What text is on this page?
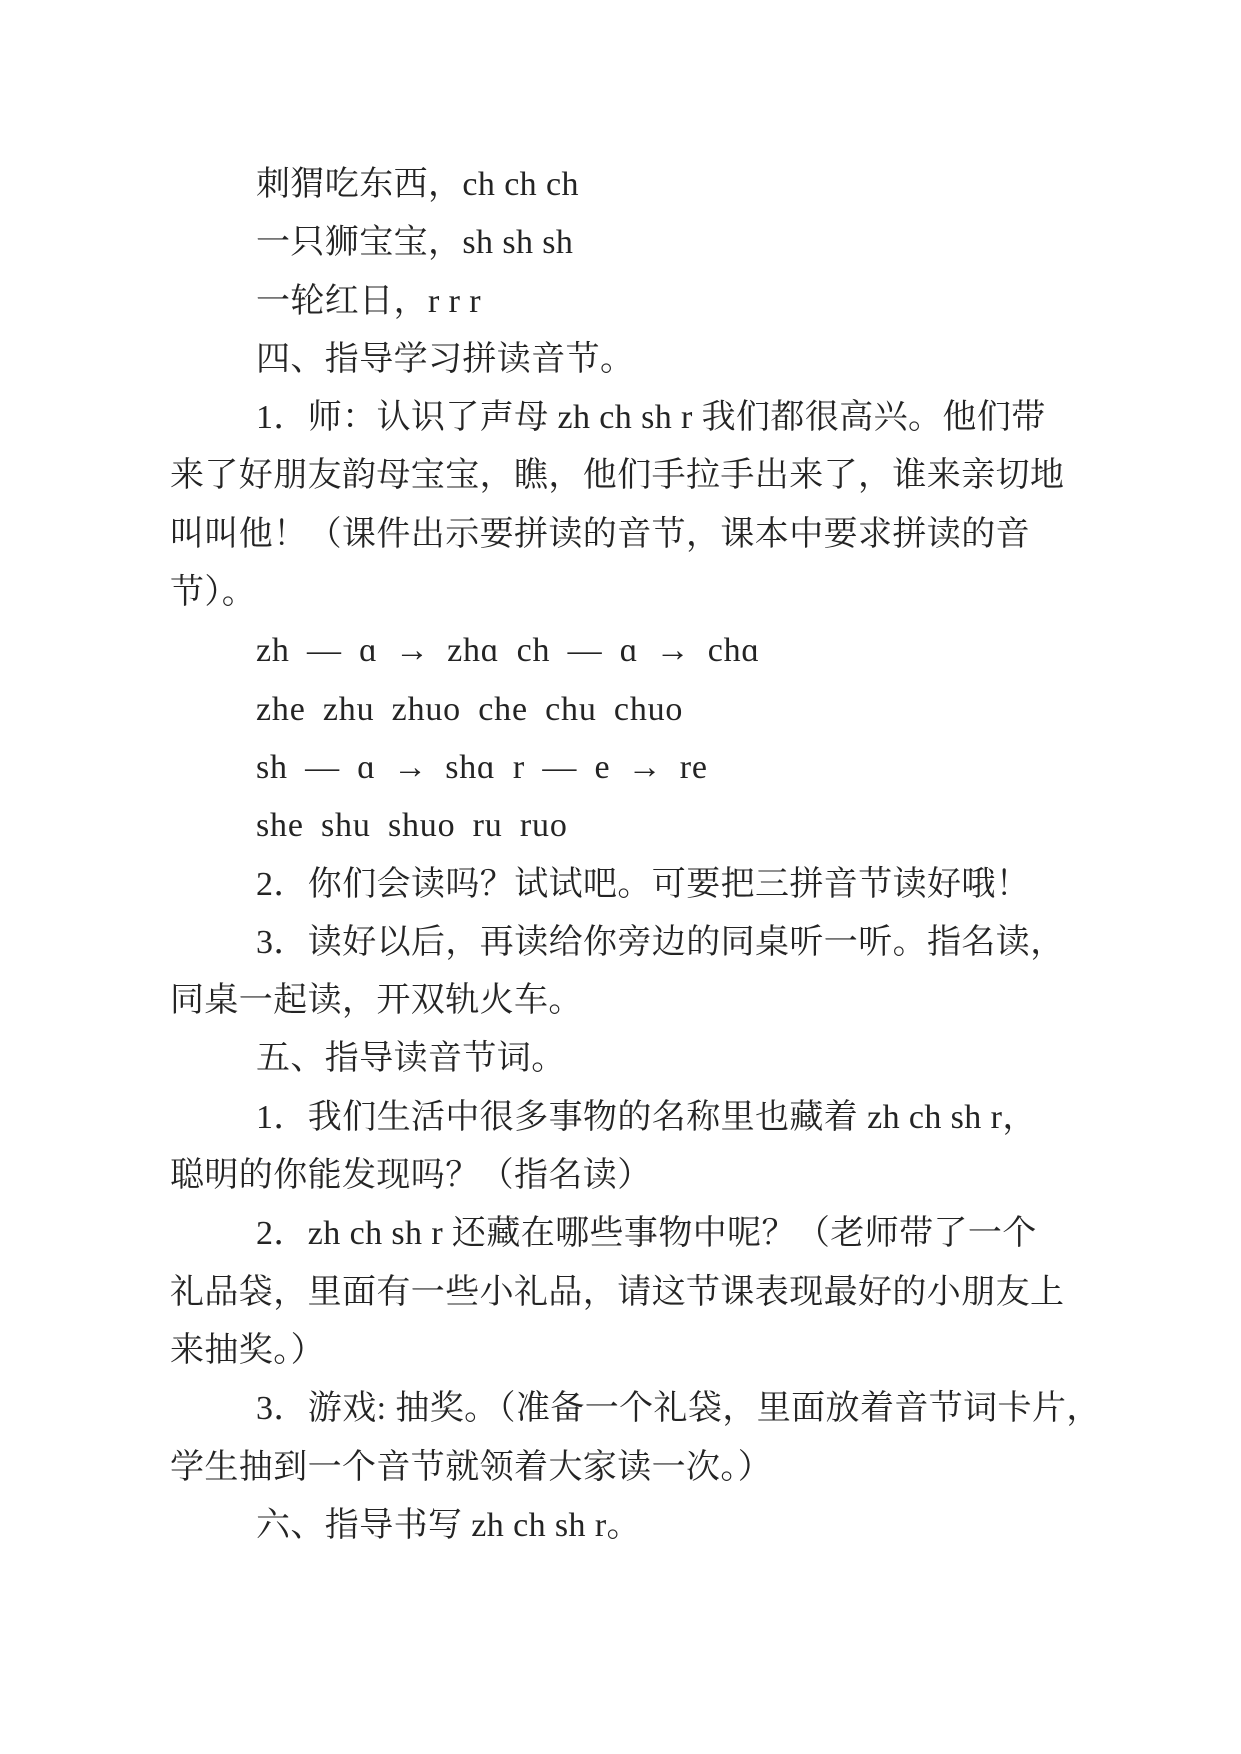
刺猬吃东西，ch ch ch
一只狮宝宝，sh sh sh
一轮红日，r r r
四、指导学习拼读音节。
1．师：认识了声母 zh ch sh r 我们都很高兴。他们带
来了好朋友韵母宝宝，瞧，他们手拉手出来了，谁来亲切地
叫叫他！（课件出示要拼读的音节，课本中要求拼读的音
节）。
zh — ɑ → zhɑ ch — ɑ → chɑ
zhe zhu zhuo che chu chuo
sh — ɑ → shɑ r — e → re
she shu shuo ru ruo
2．你们会读吗？试试吧。可要把三拼音节读好哦！
3．读好以后，再读给你旁边的同桌听一听。指名读，
同桌一起读，开双轨火车。
五、指导读音节词。
1．我们生活中很多事物的名称里也藏着 zh ch sh r，
聪明的你能发现吗？（指名读）
2．zh ch sh r 还藏在哪些事物中呢？（老师带了一个
礼品袋，里面有一些小礼品，请这节课表现最好的小朋友上
来抽奖。）
3．游戏: 抽奖。（准备一个礼袋，里面放着音节词卡片，
学生抽到一个音节就领着大家读一次。）
六、指导书写 zh ch sh r。
